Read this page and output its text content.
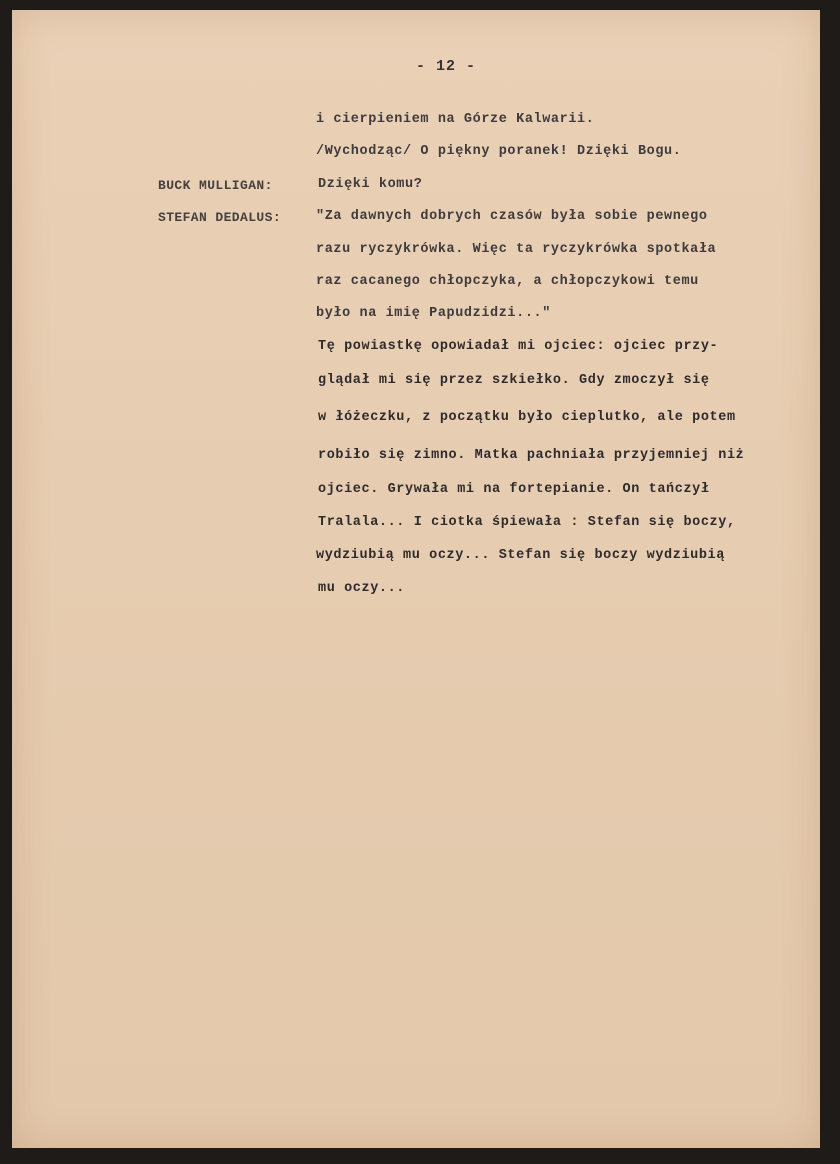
- 12 -
i cierpieniem na Górze Kalwarii.
/Wychodząc/ O piękny poranek! Dzięki Bogu.
BUCK MULLIGAN:	Dzięki komu?
STEFAN DEDALUS:	"Za dawnych dobrych czasów była sobie pewnego
razu ryczykrówka. Więc ta ryczykrówka spotkała
raz cacanego chłopczyka, a chłopczykowi temu
było na imię Papudzidzi..."
Tę powiastkę opowiadał mi ojciec: ojciec przy-
glądał mi się przez szkiełko. Gdy zmoczył się
w łóżeczku, z początku było cieplutko, ale potem
robiło się zimno. Matka pachniała przyjemniej niż
ojciec. Grywała mi na fortepianie. On tańczył
Tralala... I ciotka śpiewała : Stefan się boczy,
wydziubią mu oczy... Stefan się boczy wydziubią
mu oczy...
